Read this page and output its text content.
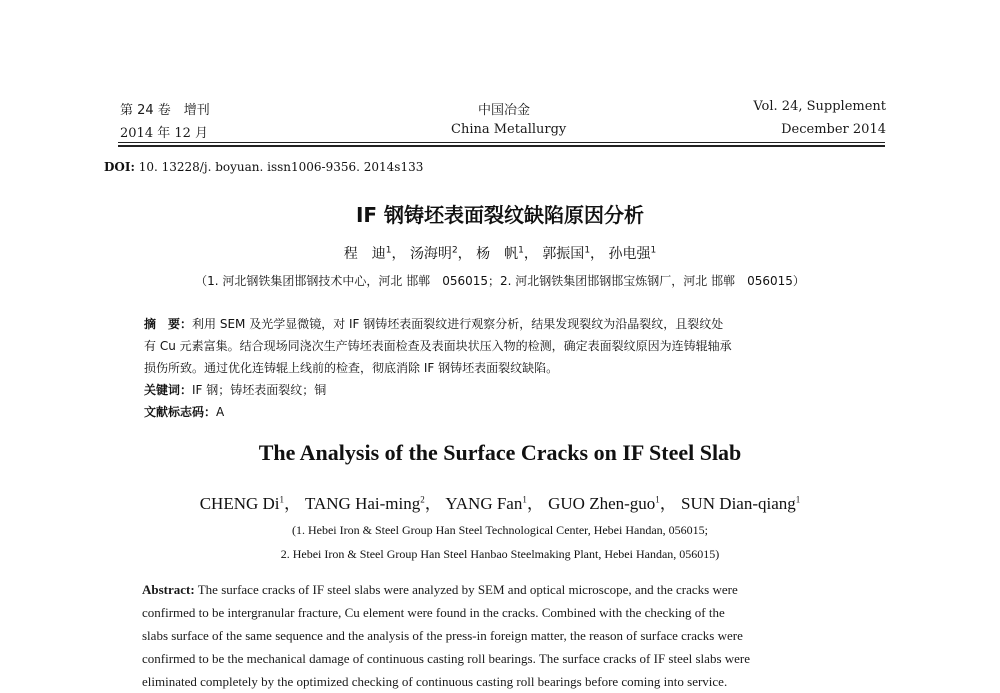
第 24 卷　增刊
2014 年 12 月
中国冶金
China Metallurgy
Vol. 24, Supplement
December 2014
DOI: 10. 13228/j. boyuan. issn1006-9356. 2014s133
IF 钢铸坯表面裂纹缺陷原因分析
程　迪$^1$， 汤海明$^2$， 杨　帆$^1$， 郭振国$^1$， 孙电强$^1$
（1. 河北钢铁集团邯钢技术中心，河北 邯郸　056015；2. 河北钢铁集团邯钢邯宝炼钢厂，河北 邯郸　056015）
摘　要：利用 SEM 及光学显微镜，对 IF 钢铸坯表面裂纹进行观察分析，结果发现裂纹为沿晶裂纹，且裂纹处
有 Cu 元素富集。结合现场同浇次生产铸坯表面检查及表面块状压入物的检测，确定表面裂纹原因为连铸辊轴承
损伤所致。通过优化连铸辊上线前的检查，彻底消除 IF 钢铸坯表面裂纹缺陷。
关键词：IF 钢；铸坯表面裂纹；铜
文献标志码：A
The Analysis of the Surface Cracks on IF Steel Slab
CHENG Di$^1$， TANG Hai-ming$^2$， YANG Fan$^1$， GUO Zhen-guo$^1$， SUN Dian-qiang$^1$
(1. Hebei Iron & Steel Group Han Steel Technological Center, Hebei Handan, 056015;
2. Hebei Iron & Steel Group Han Steel Hanbao Steelmaking Plant, Hebei Handan, 056015)
Abstract: The surface cracks of IF steel slabs were analyzed by SEM and optical microscope, and the cracks were
confirmed to be intergranular fracture, Cu element were found in the cracks. Combined with the checking of the
slabs surface of the same sequence and the analysis of the press-in foreign matter, the reason of surface cracks were
confirmed to be the mechanical damage of continuous casting roll bearings. The surface cracks of IF steel slabs were
eliminated completely by the optimized checking of continuous casting roll bearings before coming into service.
